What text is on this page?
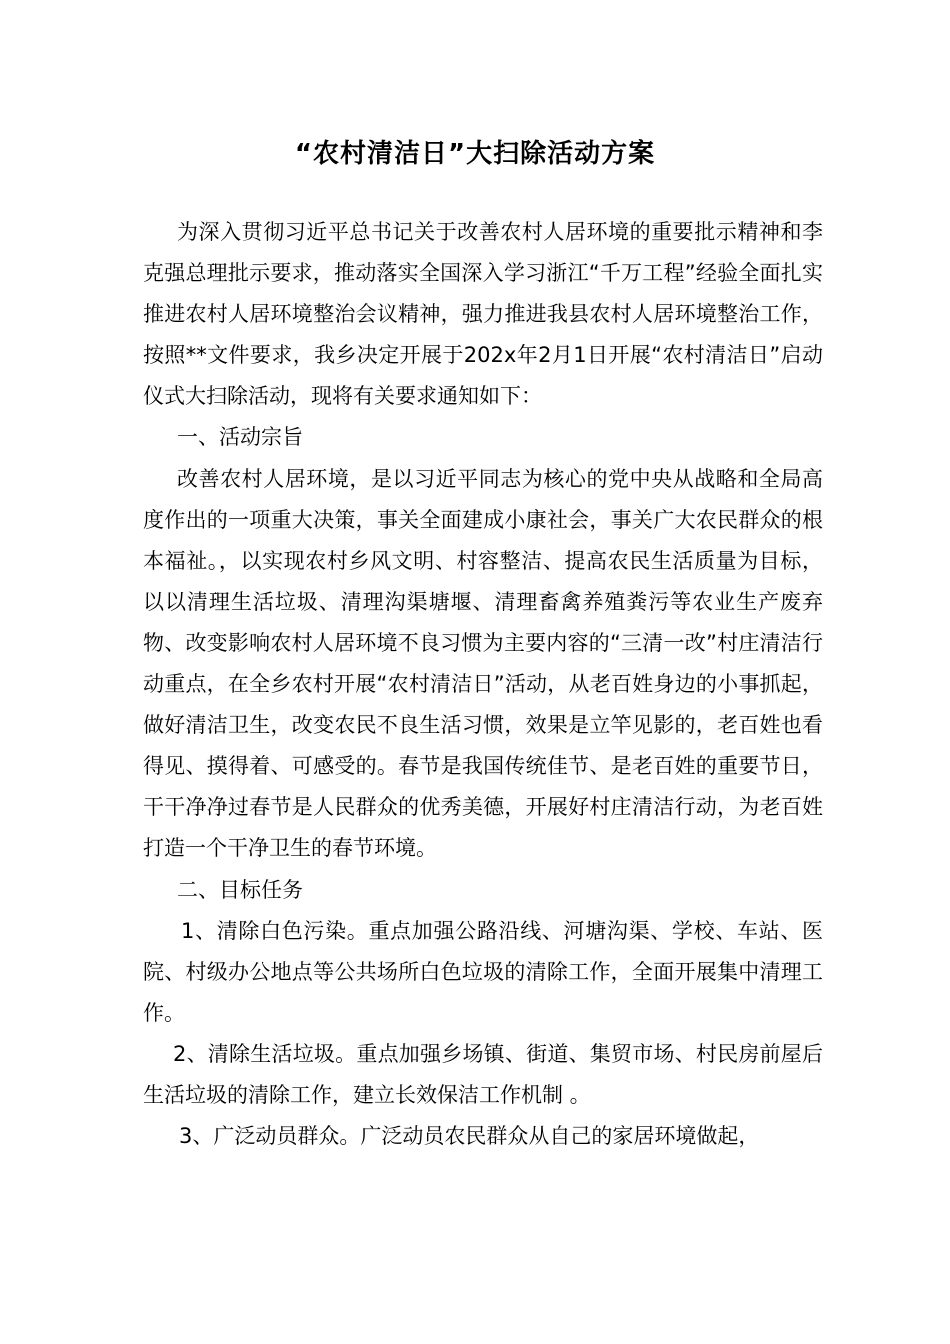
“农村清洁日”大扫除活动方案

为深入贯彻习近平总书记关于改善农村人居环境的重要批示精神和李克强总理批示要求，推动落实全国深入学习浙江“千万工程”经验全面扎实推进农村人居环境整治会议精神，强力推进我县农村人居环境整治工作，按照**文件要求，我乡决定开展于202x年2月1日开展“农村清洁日”启动仪式大扫除活动，现将有关要求通知如下：

一、活动宗旨

改善农村人居环境，是以习近平同志为核心的党中央从战略和全局高度作出的一项重大决策，事关全面建成小康社会，事关广大农民群众的根本福祉。，以实现农村乡风文明、村容整洁、提高农民生活质量为目标，以以清理生活垃圾、清理沟渠塘堰、清理畜禽养殖粪污等农业生产废弃物、改变影响农村人居环境不良习惯为主要内容的“三清一改”村庄清洁行动重点，在全乡农村开展“农村清洁日”活动，从老百姓身边的小事抓起，做好清洁卫生，改变农民不良生活习惯，效果是立竿见影的，老百姓也看得见、摸得着、可感受的。春节是我国传统佳节、是老百姓的重要节日，干干净净过春节是人民群众的优秀美德，开展好村庄清洁行动，为老百姓打造一个干净卫生的春节环境。

二、目标任务

1、清除白色污染。重点加强公路沿线、河塘沟渠、学校、车站、医院、村级办公地点等公共场所白色垃圾的清除工作，全面开展集中清理工作。

2、清除生活垃圾。重点加强乡场镇、街道、集贸市场、村民房前屋后生活垃圾的清除工作，建立长效保洁工作机制 。

3、广泛动员群众。广泛动员农民群众从自己的家居环境做起，
